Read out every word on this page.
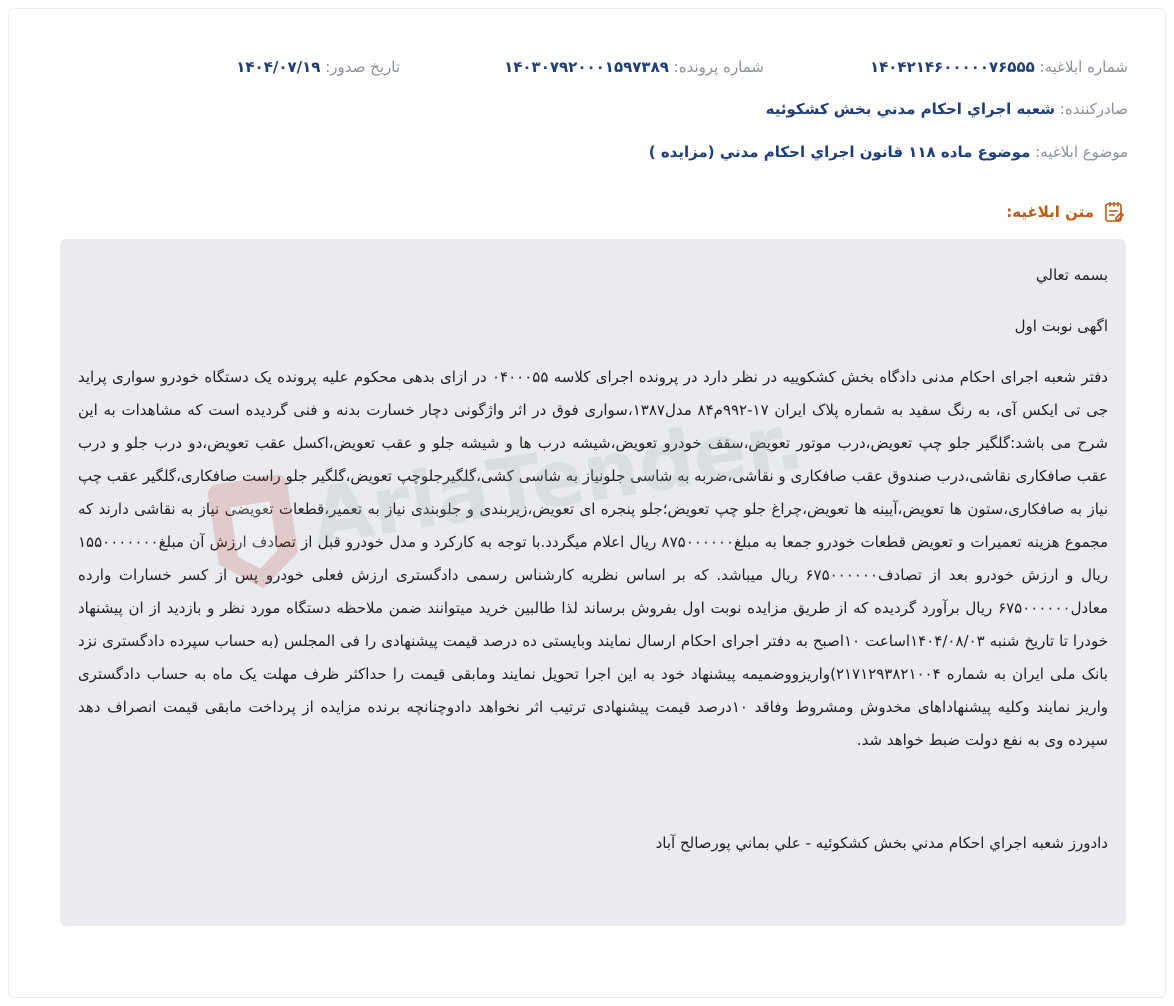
شماره ابلاغيه: ۱۴۰۴۲۱۴۶۰۰۰۰۰۷۶۵۵۵
شماره پرونده: ۱۴۰۳۰۷۹۲۰۰۰۱۵۹۷۳۸۹
تاريخ صدور: ۱۴۰۴/۰۷/۱۹
صادرکننده: شعبه اجراي احکام مدني بخش کشکوئيه
موضوع ابلاغيه: موضوع ماده ۱۱۸ قانون اجراي احکام مدني (مزايده )
متن ابلاغيه:

بسمه تعالي

اگهی نوبت اول

دفتر شعبه اجرای احکام مدنی دادگاه بخش کشکوییه در نظر دارد در پرونده اجرای کلاسه ۰۴۰۰۰۵۵ در ازای بدهی محکوم علیه پرونده یک دستگاه خودرو سواری پراید جی تی ایکس آی، به رنگ سفید به شماره پلاک ایران ۱۷-۹۹۲م۸۴ مدل۱۳۸۷،سواری فوق در اثر واژگونی دچار خسارت بدنه و فنی گردیده است که مشاهدات به این شرح می باشد:گلگیر جلو چپ تعویض،درب موتور تعویض،سقف خودرو تعویض،شیشه درب ها و شیشه جلو و عقب تعویض،اکسل عقب تعویض،دو درب جلو و درب عقب صافکاری نقاشی،درب صندوق عقب صافکاری و نقاشی،ضربه به شاسی جلونیاز به شاسی کشی،گلگیرجلوچپ تعویض،گلگیر جلو راست صافکاری،گلگیر عقب چپ نیاز به صافکاری،ستون ها تعویض،آیینه ها تعویض،چراغ جلو چپ تعویض؛جلو پنجره ای تعویض،زیربندی و جلوبندی نیاز به تعمیر،قطعات تعویضی نیاز به نقاشی دارند که مجموع هزینه تعمیرات و تعویض قطعات خودرو جمعا به مبلغ۸۷۵۰۰۰۰۰۰ ریال اعلام میگردد.با توجه به کارکرد و مدل خودرو قبل از تصادف ارزش آن مبلغ۱۵۵۰۰۰۰۰۰۰ ریال و ارزش خودرو بعد از تصادف۶۷۵۰۰۰۰۰۰ ریال میباشد. که بر اساس نظریه کارشناس رسمی دادگستری ارزش فعلی خودرو پس از کسر خسارات وارده معادل۶۷۵۰۰۰۰۰۰ ریال برآورد گردیده که از طریق مزایده نوبت اول بفروش برساند لذا طالبین خرید میتوانند ضمن ملاحظه دستگاه مورد نظر و بازدید از ان پیشنهاد خودرا تا تاریخ شنبه ۱۴۰۴/۰۸/۰۳اساعت ۱۰اصبح به دفتر اجرای احکام ارسال نمایند وبایستی ده درصد قیمت پیشنهادی را فی المجلس (به حساب سپرده دادگستری نزد بانک ملی ایران به شماره ۲۱۷۱۲۹۳۸۲۱۰۰۴)واریزووضمیمه پیشنهاد خود به این اجرا تحویل نمایند ومابقی قیمت را حداکثر ظرف مهلت یک ماه به حساب دادگستری واریز نمایند وکلیه پیشنهاداهای مخدوش ومشروط وفاقد ۱۰درصد قیمت پیشنهادی ترتیب اثر نخواهد دادوچنانچه برنده مزایده از پرداخت مابقی قیمت انصراف دهد سپرده وی به نفع دولت ضبط خواهد شد.

دادورز شعبه اجراي احکام مدني بخش کشکوئيه - علي بماني پورصالح آباد
